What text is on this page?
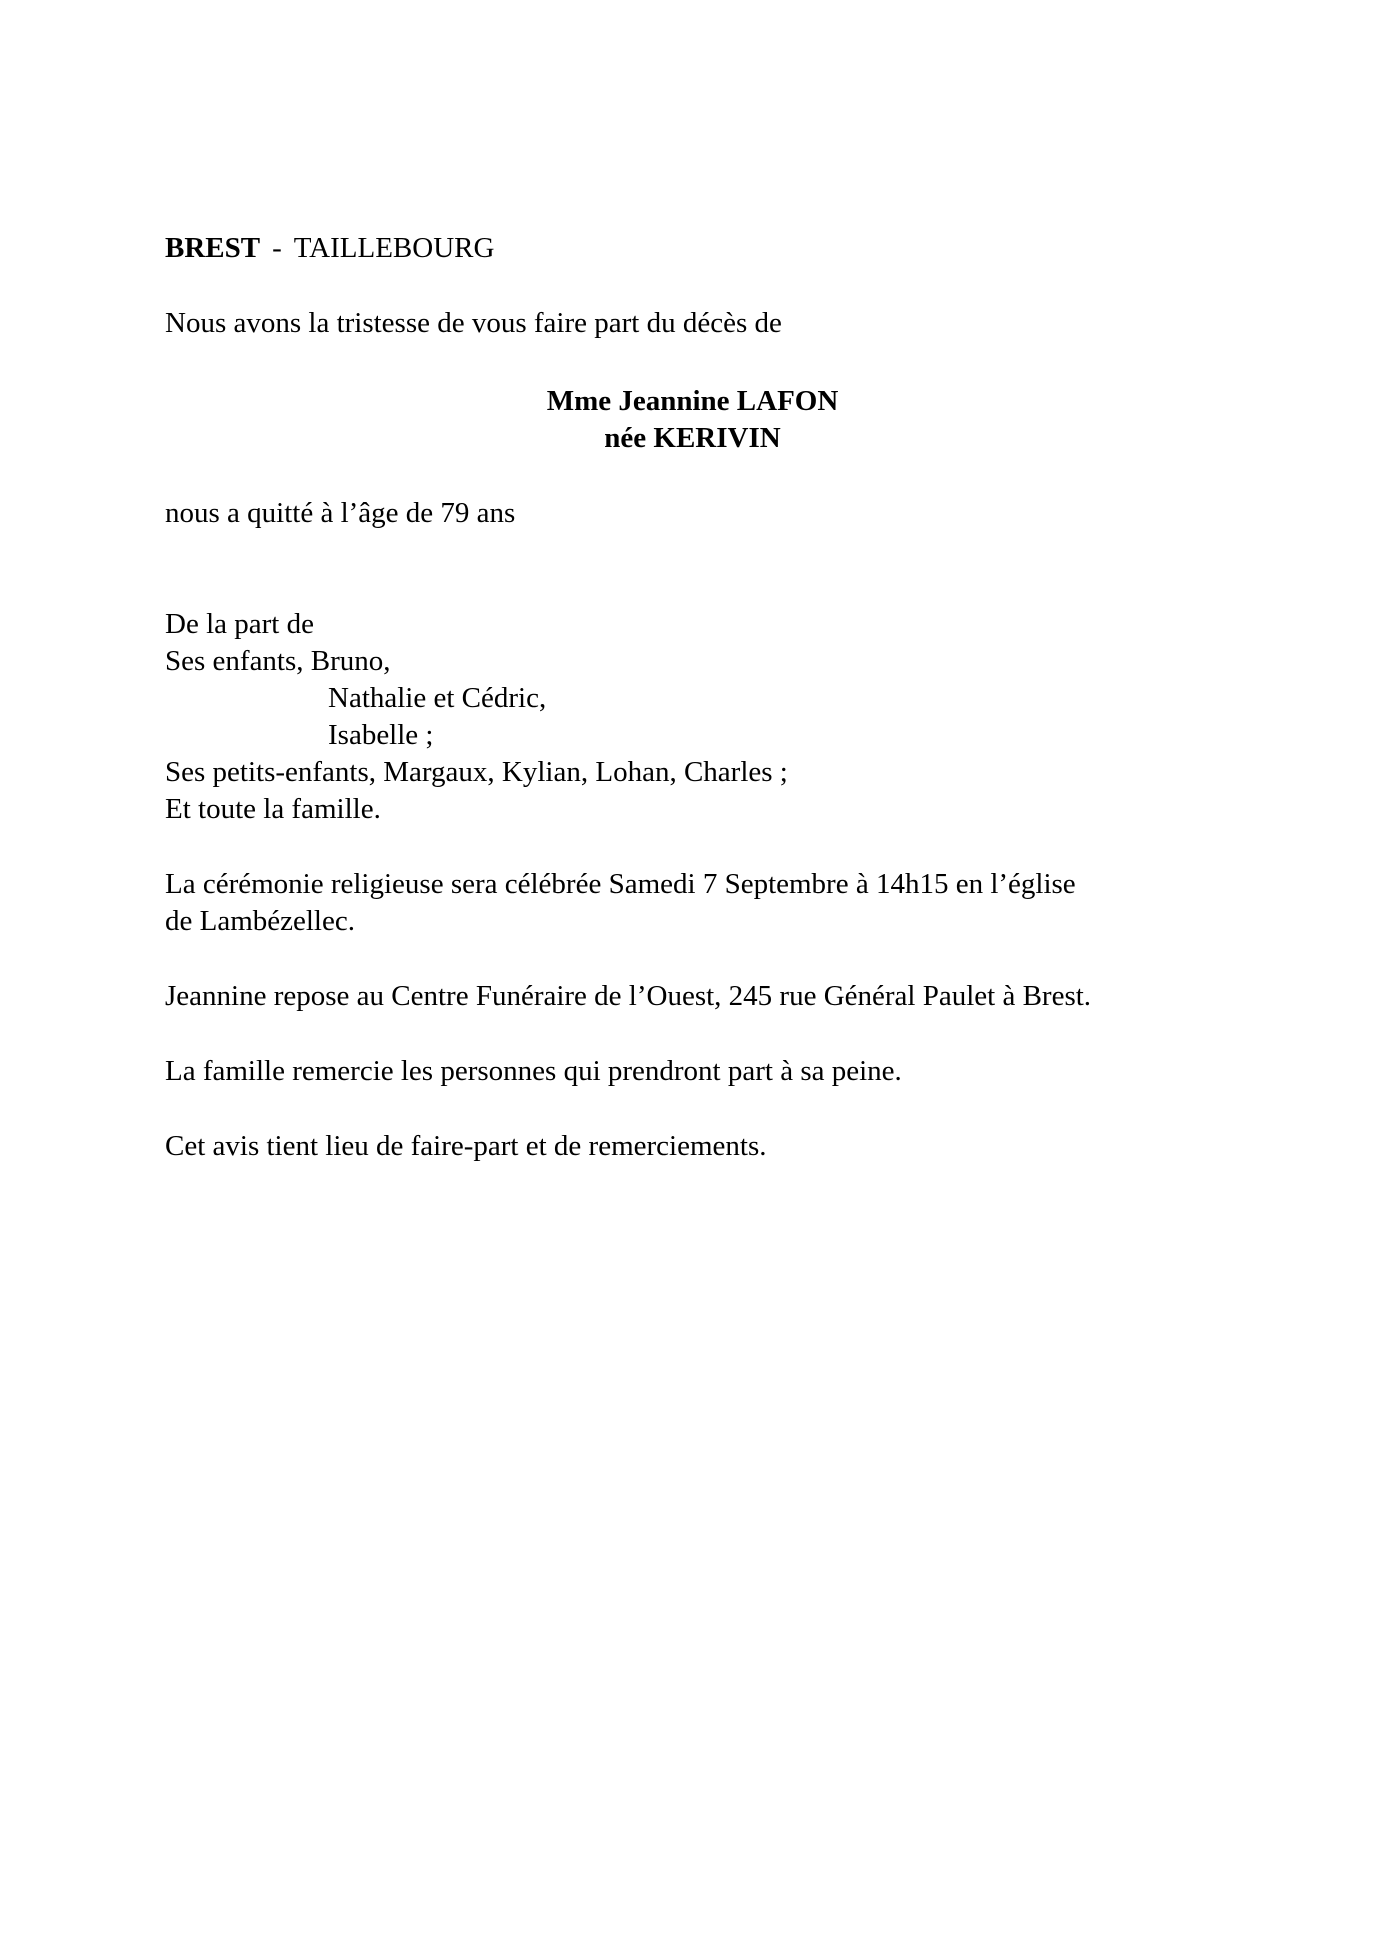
BREST - TAILLEBOURG
Nous avons la tristesse de vous faire part du décès de
Mme Jeannine LAFON
née KERIVIN
nous a quitté à l’âge de 79 ans
De la part de
Ses enfants, Bruno,
Nathalie et Cédric,
Isabelle ;
Ses petits-enfants, Margaux, Kylian, Lohan, Charles ;
Et toute la famille.
La cérémonie religieuse sera célébrée Samedi 7 Septembre à 14h15 en l’église
de Lambézellec.
Jeannine repose au Centre Funéraire de l’Ouest, 245 rue Général Paulet à Brest.
La famille remercie les personnes qui prendront part à sa peine.
Cet avis tient lieu de faire-part et de remerciements.
